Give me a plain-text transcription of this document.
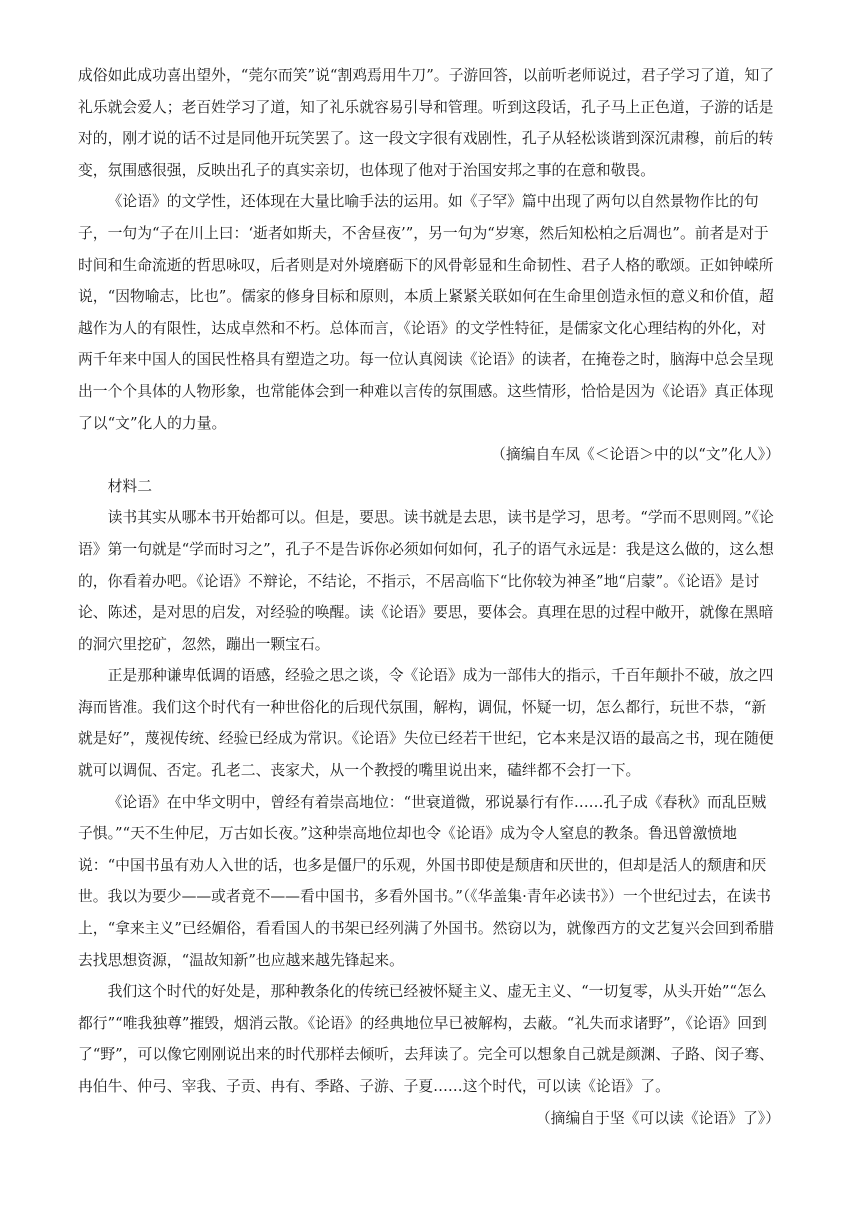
成俗如此成功喜出望外，“莞尔而笑”说“割鸡焉用牛刀”。子游回答，以前听老师说过，君子学习了道，知了礼乐就会爱人；老百姓学习了道，知了礼乐就容易引导和管理。听到这段话，孔子马上正色道，子游的话是对的，刚才说的话不过是同他开玩笑罢了。这一段文字很有戏剧性，孔子从轻松谈谐到深沉肃穆，前后的转变，氛围感很强，反映出孔子的真实亲切，也体现了他对于治国安邦之事的在意和敬畏。

《论语》的文学性，还体现在大量比喻手法的运用。如《子罕》篇中出现了两句以自然景物作比的句子，一句为“子在川上曰：‘逝者如斯夫，不舍昼夜’”，另一句为“岁寒，然后知松柏之后凋也”。前者是对于时间和生命流逝的哲思咏叹，后者则是对外境磨砺下的风骨彰显和生命韧性、君子人格的歌颂。正如钟嵘所说，“因物喻志，比也”。儒家的修身目标和原则，本质上紧紧关联如何在生命里创造永恒的意义和价值，超越作为人的有限性，达成卓然和不朽。总体而言，《论语》的文学性特征，是儒家文化心理结构的外化，对两千年来中国人的国民性格具有塑造之功。每一位认真阅读《论语》的读者，在掩卷之时，脑海中总会呈现出一个个具体的人物形象，也常能体会到一种难以言传的氛围感。这些情形，恰恰是因为《论语》真正体现了以“文”化人的力量。

（摘编自车凤《＜论语＞中的以“文”化人》）

材料二

读书其实从哪本书开始都可以。但是，要思。读书就是去思，读书是学习，思考。“学而不思则罔。”《论语》第一句就是“学而时习之”，孔子不是告诉你必须如何如何，孔子的语气永远是：我是这么做的，这么想的，你看着办吧。《论语》不辩论，不结论，不指示，不居高临下“比你较为神圣”地“启蒙”。《论语》是讨论、陈述，是对思的启发，对经验的唤醒。读《论语》要思，要体会。真理在思的过程中敞开，就像在黑暗的洞穴里挖矿，忽然，蹦出一颗宝石。

正是那种谦卑低调的语感，经验之思之谈，令《论语》成为一部伟大的指示，千百年颠扑不破，放之四海而皆准。我们这个时代有一种世俗化的后现代氛围，解构，调侃，怀疑一切，怎么都行，玩世不恭，“新就是好”，蔑视传统、经验已经成为常识。《论语》失位已经若干世纪，它本来是汉语的最高之书，现在随便就可以调侃、否定。孔老二、丧家犬，从一个教授的嘴里说出来，磕绊都不会打一下。

《论语》在中华文明中，曾经有着崇高地位：“世衰道微，邪说暴行有作……孔子成《春秋》而乱臣贼子惧。”“天不生仲尼，万古如长夜。”这种崇高地位却也令《论语》成为令人窒息的教条。鲁迅曾激愤地说：“中国书虽有劝人入世的话，也多是僵尸的乐观，外国书即使是颓唐和厌世的，但却是活人的颓唐和厌世。我以为要少——或者竟不——看中国书，多看外国书。”（《华盖集·青年必读书》）一个世纪过去，在读书上，“拿来主义”已经媚俗，看看国人的书架已经列满了外国书。然窃以为，就像西方的文艺复兴会回到希腊去找思想资源，“温故知新”也应越来越先锋起来。

我们这个时代的好处是，那种教条化的传统已经被怀疑主义、虚无主义、“一切复零，从头开始”“怎么都行”“唯我独尊”摧毁，烟消云散。《论语》的经典地位早已被解构，去蔽。“礼失而求诸野”，《论语》回到了“野”，可以像它刚刚说出来的时代那样去倾听，去拜读了。完全可以想象自己就是颜渊、子路、闵子骞、冉伯牛、仲弓、宰我、子贡、冉有、季路、子游、子夏……这个时代，可以读《论语》了。

（摘编自于坚《可以读《论语》了》）
